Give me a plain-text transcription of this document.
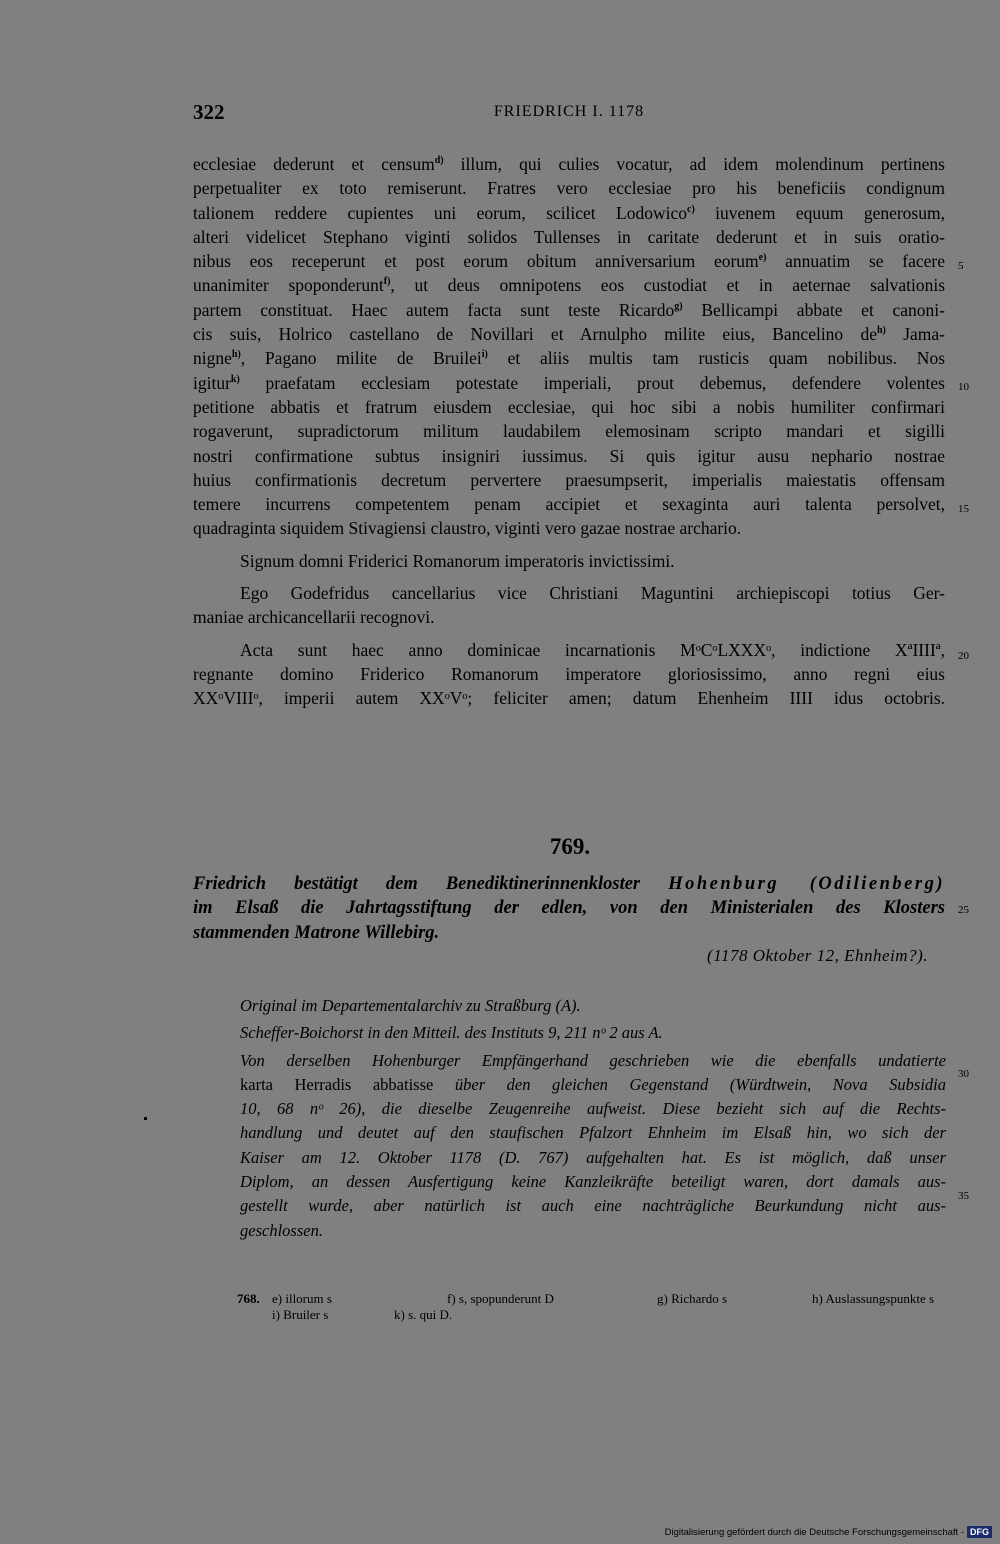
322	FRIEDRICH I. 1178
ecclesiae dederunt et censum$^{d)}$ illum, qui culies vocatur, ad idem molendinum pertinens
perpetualiter ex toto remiserunt. Fratres vero ecclesiae pro his beneficiis condignum
talionem reddere cupientes uni eorum, scilicet Lodowico$^{c)}$ iuvenem equum generosum,
alteri videlicet Stephano viginti solidos Tullenses in caritate dederunt et in suis oratio-
nibus eos receperunt et post eorum obitum anniversarium eorum$^{e)}$ annuatim se facere
unanimiter spoponderunt$^{f)}$, ut deus omnipotens eos custodiat et in aeternae salvationis
partem constituat. Haec autem facta sunt teste Ricardo$^{g)}$ Bellicampi abbate et canoni-
cis suis, Holrico castellano de Novillari et Arnulpho milite eius, Bancelino $de^{h)}$ Jama-
nigne$^{h)}$, Pagano milite de Bruilei$^{i)}$ et aliis multis tam rusticis quam nobilibus. Nos
igitur$^{k)}$ praefatam ecclesiam potestate imperiali, prout debemus, defendere volentes
petitione abbatis et fratrum eiusdem ecclesiae, qui hoc sibi a nobis humiliter confirmari
rogaverunt, supradictorum militum laudabilem elemosinam scripto mandari et sigilli
nostri confirmatione subtus insigniri iussimus. Si quis igitur ausu nephario nostrae
huius confirmationis decretum pervertere praesumpserit, imperialis maiestatis offensam
temere incurrens competentem penam accipiet et sexaginta auri talenta persolvet,
quadraginta siquidem Stivagiensi claustro, viginti vero gazae nostrae archario.
Signum domni Friderici Romanorum imperatoris invictissimi.
Ego Godefridus cancellarius vice Christiani Maguntini archiepiscopi totius Ger-
maniae archicancellarii recognovi.
Acta sunt haec anno dominicae incarnationis MᵒCᵒLXXXᵒ, indictione XªIIIIª,
regnante domino Friderico Romanorum imperatore gloriosissimo, anno regni eius
XXᵒVIIIᵒ, imperii autem XXᵒVᵒ; feliciter amen; datum Ehenheim IIII idus octobris.
5
10
15
20
25
30
35
769.
Friedrich bestätigt dem Benediktinerinnenkloster Hohenburg (Odilienberg)
im Elsaß die Jahrtagsstiftung der edlen, von den Ministerialen des Klosters
stammenden Matrone Willebirg.
(1178 Oktober 12, Ehnheim?).
Original im Departementalarchiv zu Straßburg (A).
Scheffer-Boichorst in den Mitteil. des Instituts 9, 211 nᵒ 2 aus A.
Von derselben Hohenburger Empfängerhand geschrieben wie die ebenfalls undatierte
karta Herradis abbatisse über den gleichen Gegenstand (Würdtwein, Nova Subsidia
10, 68 nᵒ 26), die dieselbe Zeugenreihe aufweist. Diese bezieht sich auf die Rechts-
handlung und deutet auf den staufischen Pfalzort Ehnheim im Elsaß hin, wo sich der
Kaiser am 12. Oktober 1178 (D. 767) aufgehalten hat. Es ist möglich, daß unser
Diplom, an dessen Ausfertigung keine Kanzleikräfte beteiligt waren, dort damals aus-
gestellt wurde, aber natürlich ist auch eine nachträgliche Beurkundung nicht aus-
geschlossen.
768. e) illorum s	f) s, spopunderunt D	g) Richardo s	h) Auslassungspunkte s
i) Bruiler s	k) s. qui D.
Digitalisierung gefördert durch die Deutsche Forschungsgemeinschaft - DFG
